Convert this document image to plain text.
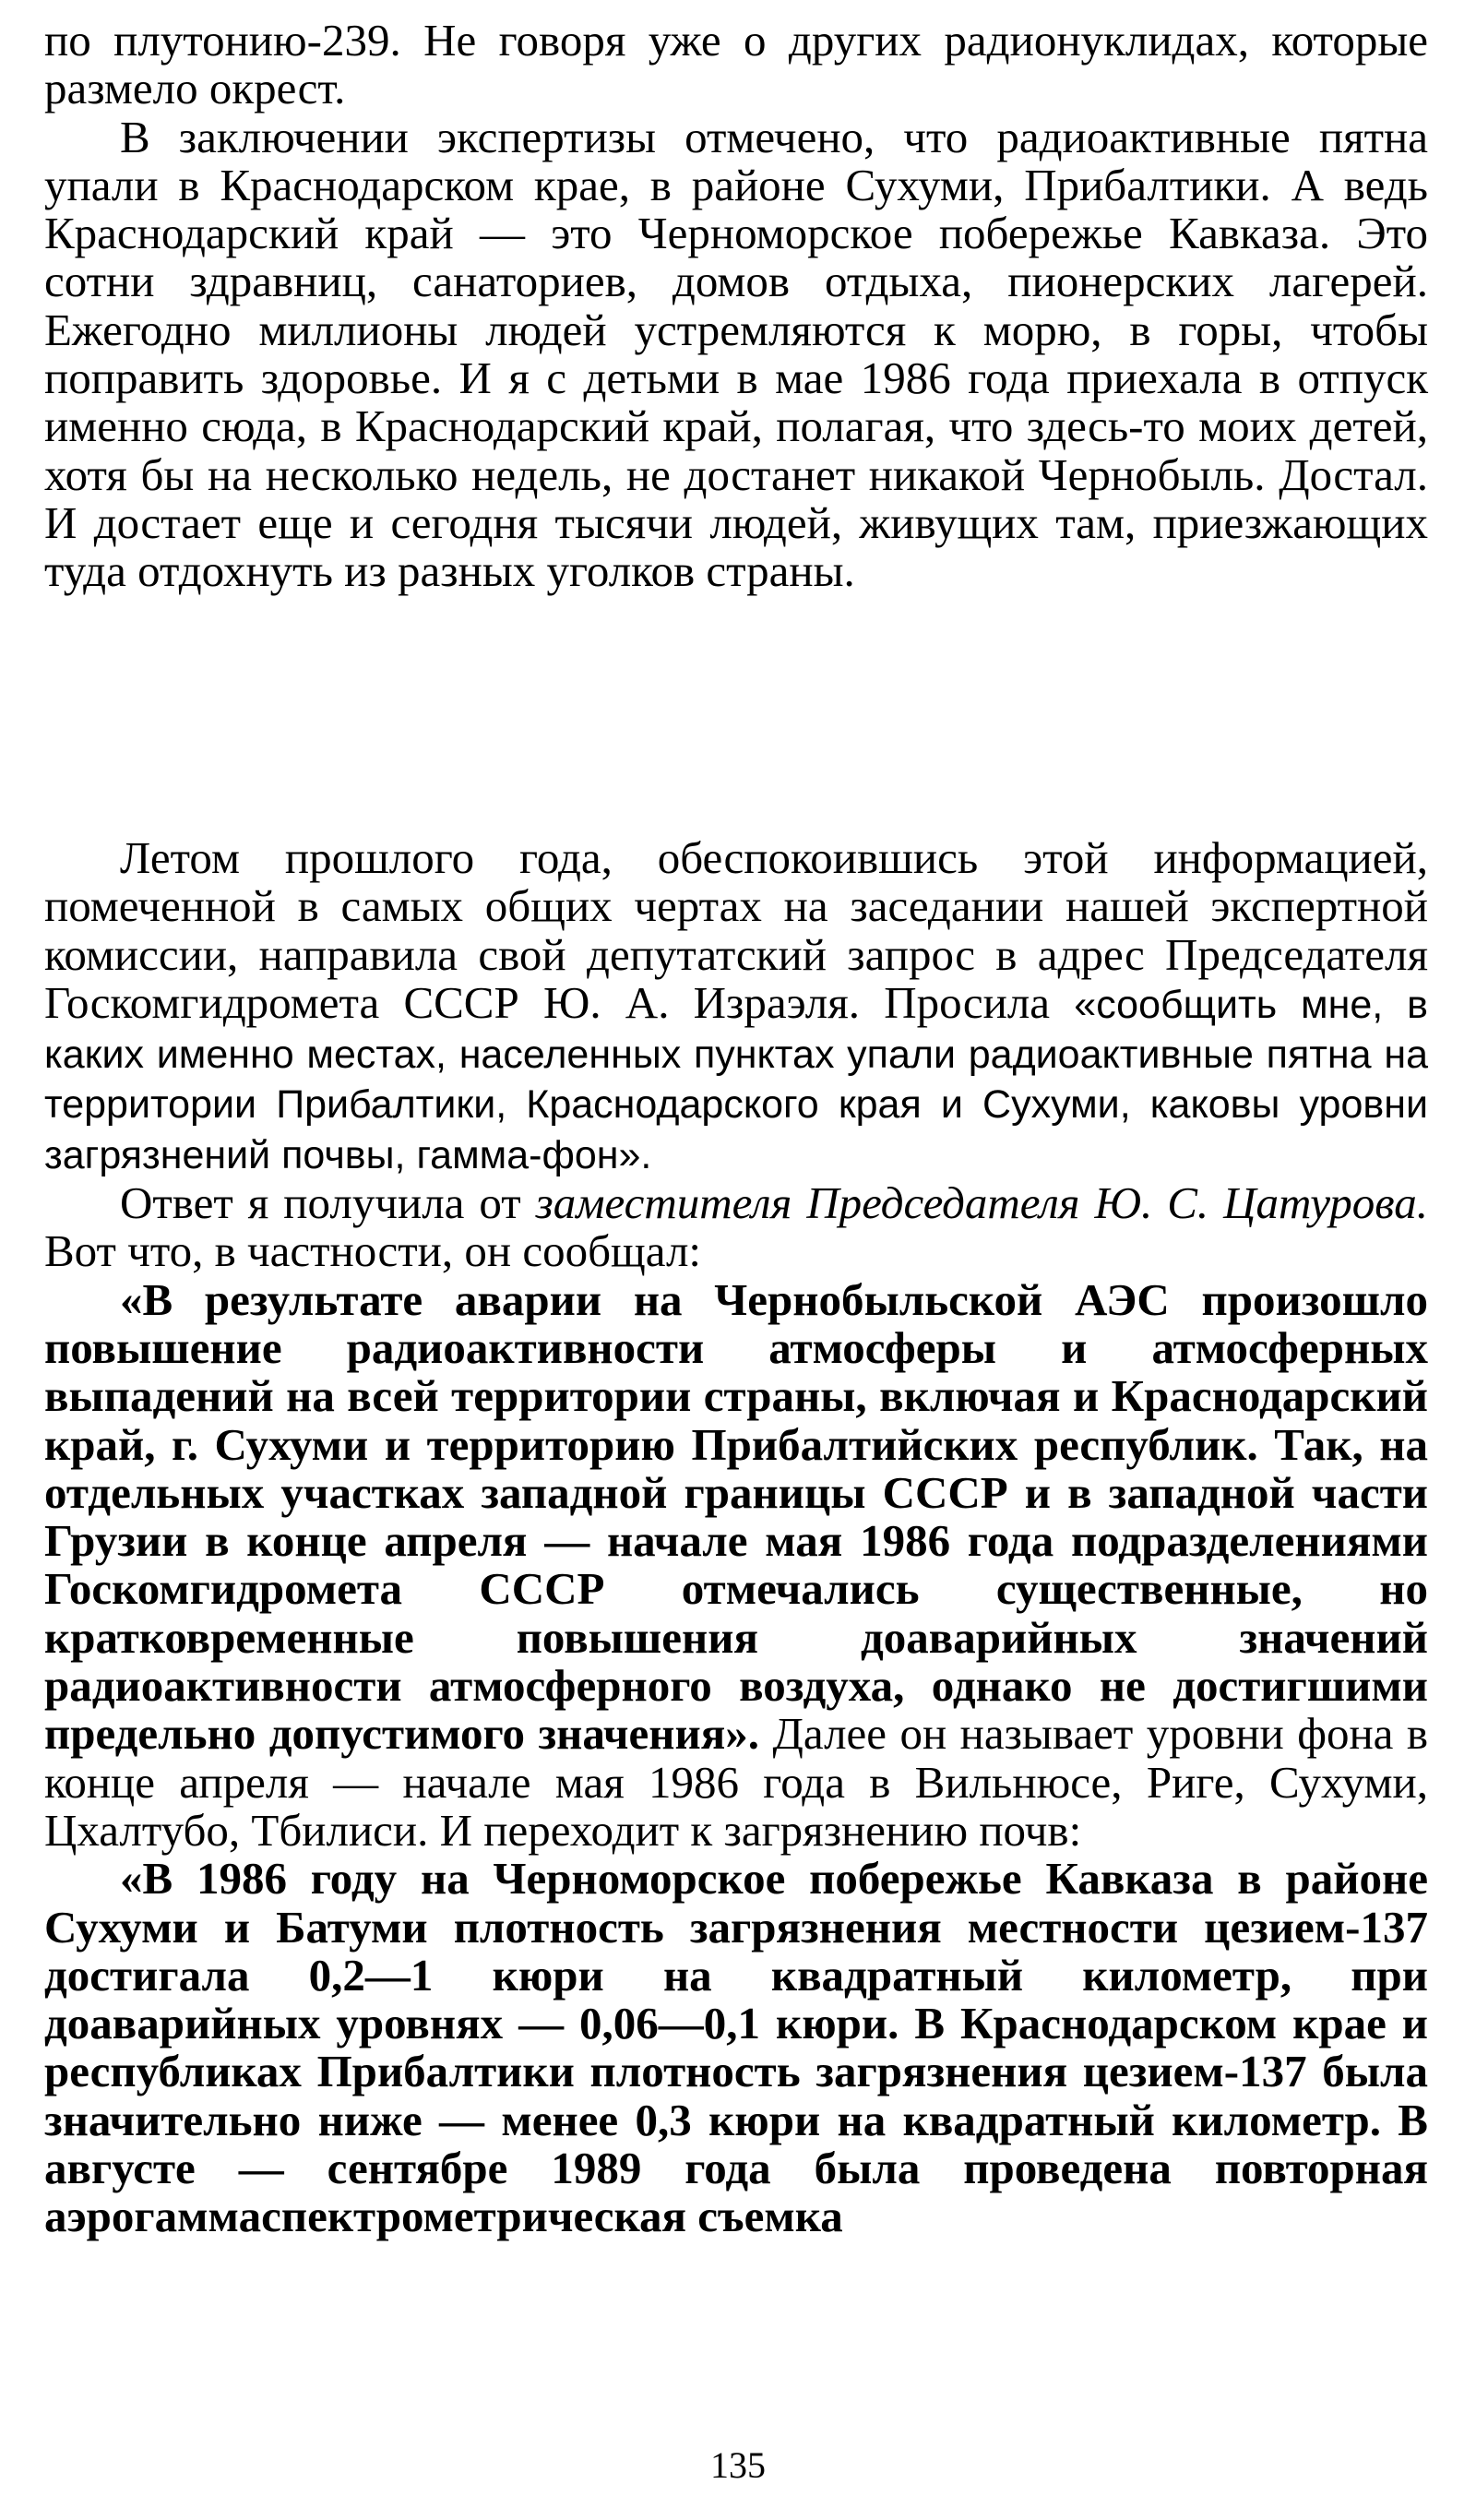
по плутонию-239. Не говоря уже о других радионуклидах, которые размело окрест.

В заключении экспертизы отмечено, что радиоактивные пятна упали в Краснодарском крае, в районе Сухуми, Прибалтики. А ведь Краснодарский край — это Черноморское побережье Кавказа. Это сотни здравниц, санаториев, домов отдыха, пионерских лагерей. Ежегодно миллионы людей устремляются к морю, в горы, чтобы поправить здоровье. И я с детьми в мае 1986 года приехала в отпуск именно сюда, в Краснодарский край, полагая, что здесь-то моих детей, хотя бы на несколько недель, не достанет никакой Чернобыль. Достал. И достает еще и сегодня тысячи людей, живущих там, приезжающих туда отдохнуть из разных уголков страны.

Летом прошлого года, обеспокоившись этой информацией, помеченной в самых общих чертах на заседании нашей экспертной комиссии, направила свой депутатский запрос в адрес Председателя Госкомгидромета СССР Ю. А. Израэля. Просила «сообщить мне, в каких именно местах, населенных пунктах упали радиоактивные пятна на территории Прибалтики, Краснодарского края и Сухуми, каковы уровни загрязнений почвы, гамма-фон».

Ответ я получила от заместителя Председателя Ю. С. Цатурова. Вот что, в частности, он сообщал:

«В результате аварии на Чернобыльской АЭС произошло повышение радиоактивности атмосферы и атмосферных выпадений на всей территории страны, включая и Краснодарский край, г. Сухуми и территорию Прибалтийских республик. Так, на отдельных участках западной границы СССР и в западной части Грузии в конце апреля — начале мая 1986 года подразделениями Госкомгидромета СССР отмечались существенные, но кратковременные повышения доаварийных значений радиоактивности атмосферного воздуха, однако не достигшими предельно допустимого значения». Далее он называет уровни фона в конце апреля — начале мая 1986 года в Вильнюсе, Риге, Сухуми, Цхалтубо, Тбилиси. И переходит к загрязнению почв:

«В 1986 году на Черноморское побережье Кавказа в районе Сухуми и Батуми плотность загрязнения местности цезием-137 достигала 0,2—1 кюри на квадратный километр, при доаварийных уровнях — 0,06—0,1 кюри. В Краснодарском крае и республиках Прибалтики плотность загрязнения цезием-137 была значительно ниже — менее 0,3 кюри на квадратный километр. В августе — сентябре 1989 года была проведена повторная аэрогаммаспектрометрическая съемка

135
